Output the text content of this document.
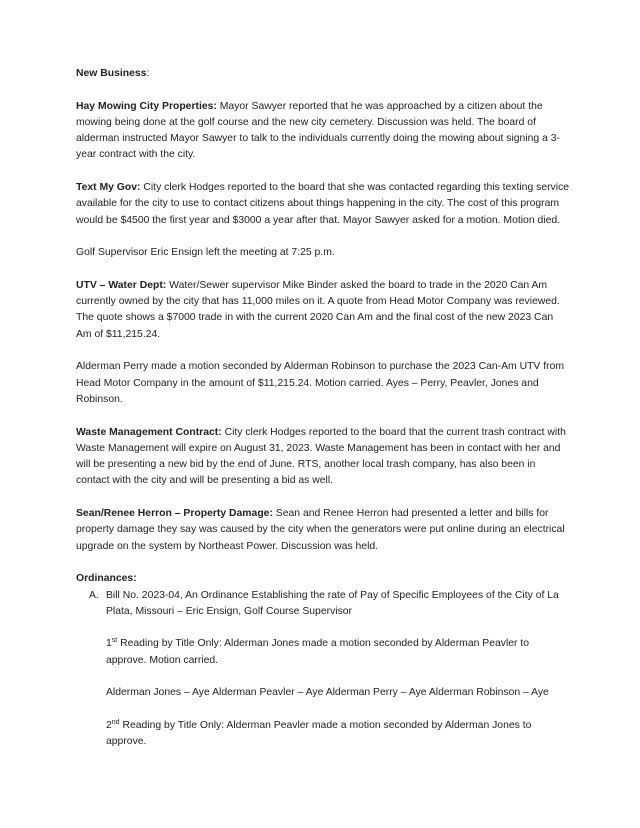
New Business:

Hay Mowing City Properties: Mayor Sawyer reported that he was approached by a citizen about the mowing being done at the golf course and the new city cemetery. Discussion was held. The board of alderman instructed Mayor Sawyer to talk to the individuals currently doing the mowing about signing a 3-year contract with the city.

Text My Gov: City clerk Hodges reported to the board that she was contacted regarding this texting service available for the city to use to contact citizens about things happening in the city. The cost of this program would be $4500 the first year and $3000 a year after that. Mayor Sawyer asked for a motion. Motion died.

Golf Supervisor Eric Ensign left the meeting at 7:25 p.m.

UTV – Water Dept: Water/Sewer supervisor Mike Binder asked the board to trade in the 2020 Can Am currently owned by the city that has 11,000 miles on it. A quote from Head Motor Company was reviewed. The quote shows a $7000 trade in with the current 2020 Can Am and the final cost of the new 2023 Can Am of $11,215.24.

Alderman Perry made a motion seconded by Alderman Robinson to purchase the 2023 Can-Am UTV from Head Motor Company in the amount of $11,215.24. Motion carried. Ayes – Perry, Peavler, Jones and Robinson.

Waste Management Contract: City clerk Hodges reported to the board that the current trash contract with Waste Management will expire on August 31, 2023. Waste Management has been in contact with her and will be presenting a new bid by the end of June. RTS, another local trash company, has also been in contact with the city and will be presenting a bid as well.

Sean/Renee Herron – Property Damage: Sean and Renee Herron had presented a letter and bills for property damage they say was caused by the city when the generators were put online during an electrical upgrade on the system by Northeast Power. Discussion was held.

Ordinances:

A. Bill No. 2023-04, An Ordinance Establishing the rate of Pay of Specific Employees of the City of La Plata, Missouri – Eric Ensign, Golf Course Supervisor

1st Reading by Title Only: Alderman Jones made a motion seconded by Alderman Peavler to approve. Motion carried.

Alderman Jones – Aye Alderman Peavler – Aye Alderman Perry – Aye Alderman Robinson – Aye

2nd Reading by Title Only: Alderman Peavler made a motion seconded by Alderman Jones to approve.
